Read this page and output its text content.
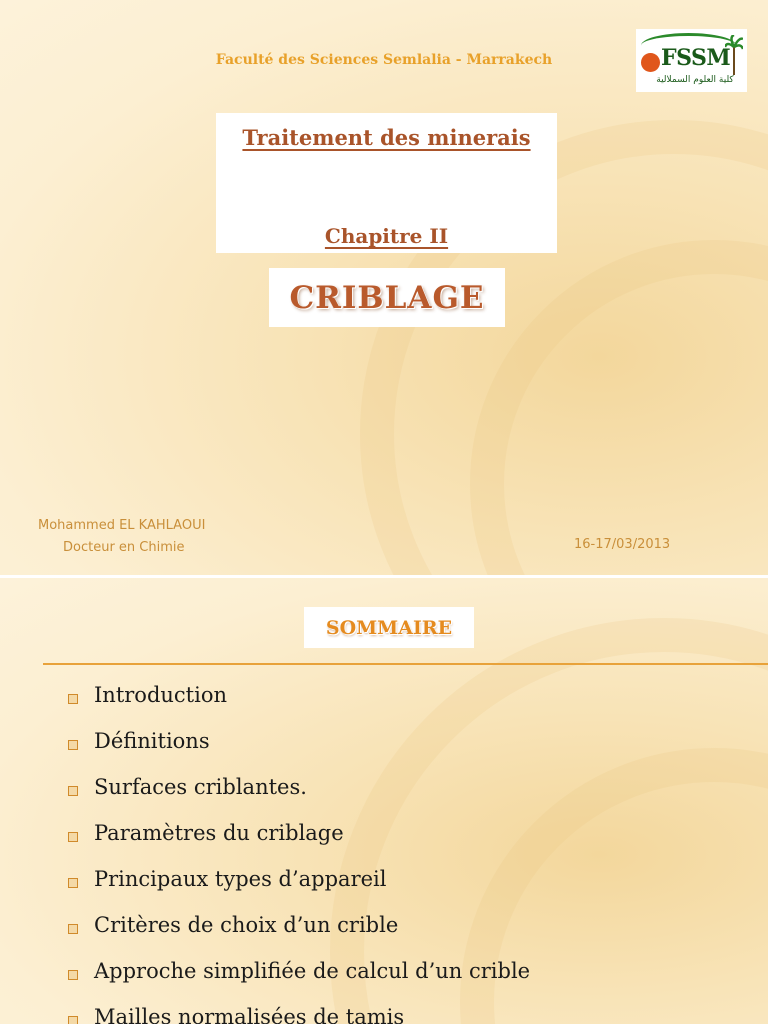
Faculté des Sciences Semlalia - Marrakech	FSSM
كلية العلوم السملالية
Traitement des minerais
Chapitre II
CRIBLAGE
Mohammed EL KAHLAOUI
Docteur en Chimie	16-17/03/2013
SOMMAIRE
Introduction
Définitions
Surfaces criblantes.
Paramètres du criblage
Principaux types d’appareil
Critères de choix d’un crible
Approche simplifiée de calcul d’un crible
Mailles normalisées de tamis
